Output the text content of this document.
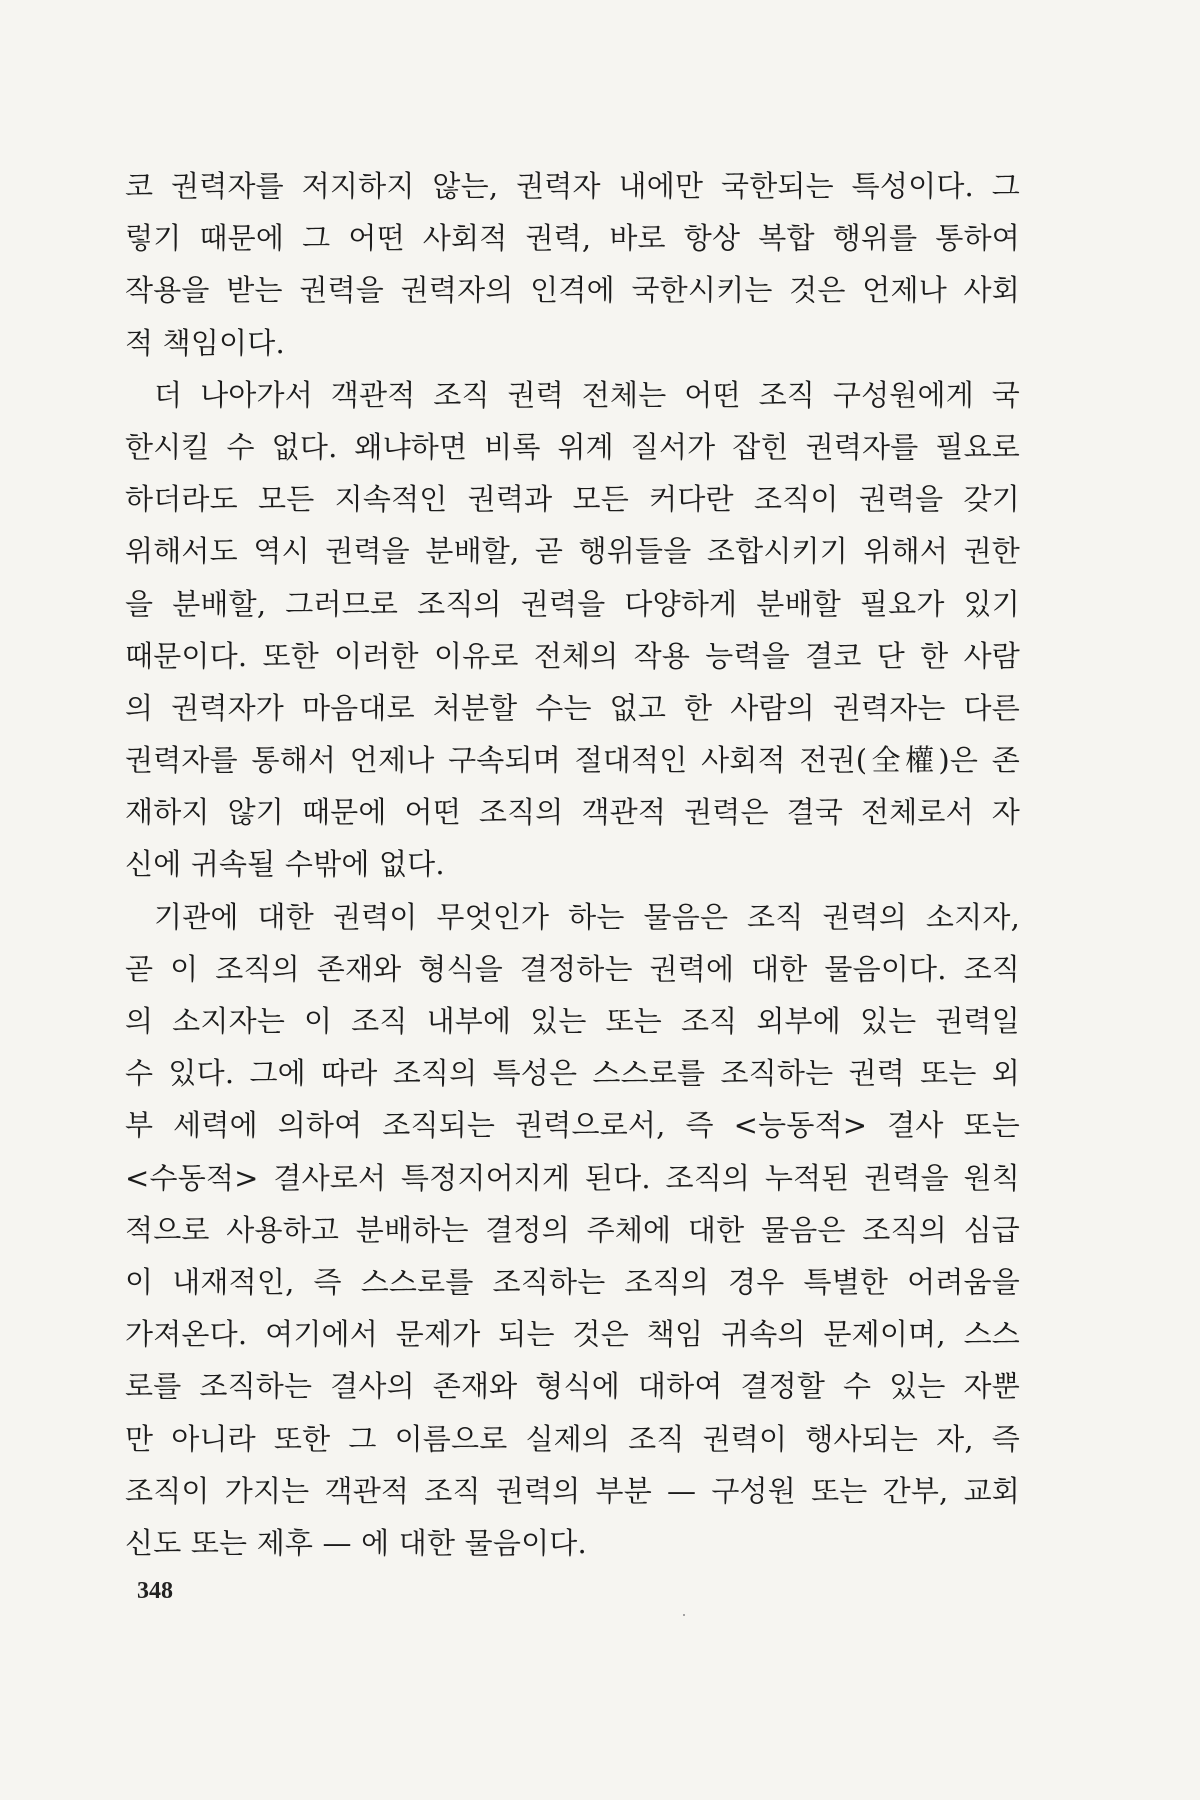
코 권력자를 저지하지 않는, 권력자 내에만 국한되는 특성이다. 그
렇기 때문에 그 어떤 사회적 권력, 바로 항상 복합 행위를 통하여
작용을 받는 권력을 권력자의 인격에 국한시키는 것은 언제나 사회
적 책임이다.
더 나아가서 객관적 조직 권력 전체는 어떤 조직 구성원에게 국
한시킬 수 없다. 왜냐하면 비록 위계 질서가 잡힌 권력자를 필요로
하더라도 모든 지속적인 권력과 모든 커다란 조직이 권력을 갖기
위해서도 역시 권력을 분배할, 곧 행위들을 조합시키기 위해서 권한
을 분배할, 그러므로 조직의 권력을 다양하게 분배할 필요가 있기
때문이다. 또한 이러한 이유로 전체의 작용 능력을 결코 단 한 사람
의 권력자가 마음대로 처분할 수는 없고 한 사람의 권력자는 다른
권력자를 통해서 언제나 구속되며 절대적인 사회적 전권(全權)은 존
재하지 않기 때문에 어떤 조직의 객관적 권력은 결국 전체로서 자
신에 귀속될 수밖에 없다.
기관에 대한 권력이 무엇인가 하는 물음은 조직 권력의 소지자,
곧 이 조직의 존재와 형식을 결정하는 권력에 대한 물음이다. 조직
의 소지자는 이 조직 내부에 있는 또는 조직 외부에 있는 권력일
수 있다. 그에 따라 조직의 특성은 스스로를 조직하는 권력 또는 외
부 세력에 의하여 조직되는 권력으로서, 즉 <능동적> 결사 또는
<수동적> 결사로서 특정지어지게 된다. 조직의 누적된 권력을 원칙
적으로 사용하고 분배하는 결정의 주체에 대한 물음은 조직의 심급
이 내재적인, 즉 스스로를 조직하는 조직의 경우 특별한 어려움을
가져온다. 여기에서 문제가 되는 것은 책임 귀속의 문제이며, 스스
로를 조직하는 결사의 존재와 형식에 대하여 결정할 수 있는 자뿐
만 아니라 또한 그 이름으로 실제의 조직 권력이 행사되는 자, 즉
조직이 가지는 객관적 조직 권력의 부분 — 구성원 또는 간부, 교회
신도 또는 제후 — 에 대한 물음이다.
348
